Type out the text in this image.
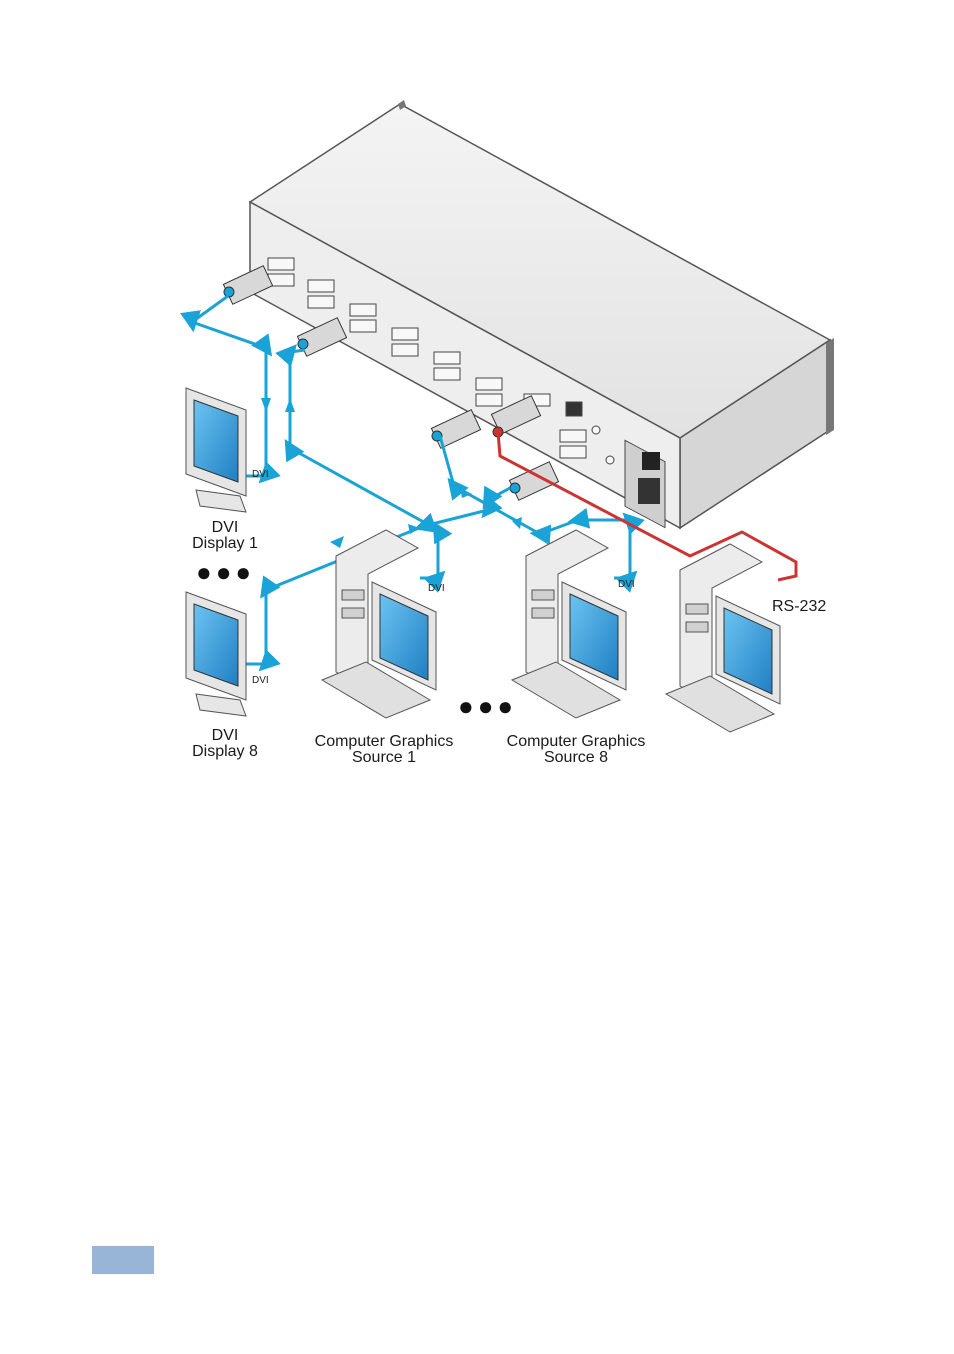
DVI
DVI
DVI	DVI
RS-232
DVI
Display 1
DVI
Display 8
Computer Graphics
Source 1
Computer Graphics
Source 8
●●●
●●●
